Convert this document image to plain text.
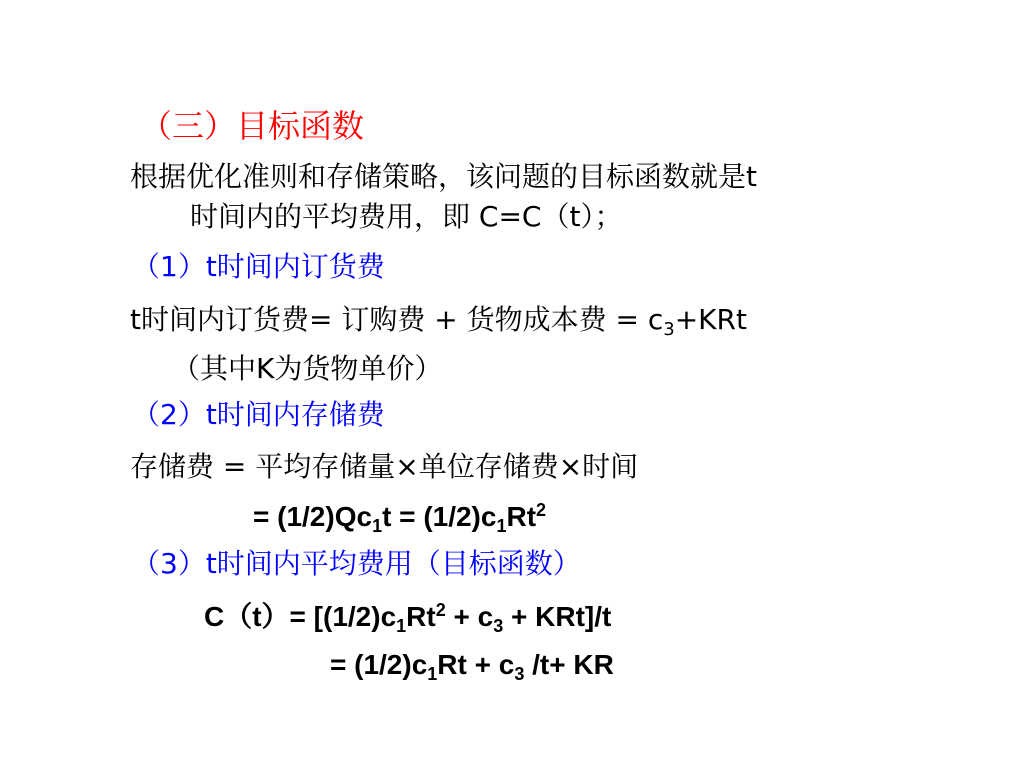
（三）目标函数
根据优化准则和存储策略，该问题的目标函数就是t
时间内的平均费用，即 C=C（t）；
（1）t时间内订货费
t时间内订货费= 订购费 + 货物成本费 = $c_3+KRt$
（其中K为货物单价）
（2）t时间内存储费
存储费 = 平均存储量×单位存储费×时间
= $(1/2)Qc_1t = (1/2)c_1Rt^2$
（3）t时间内平均费用（目标函数）
$C(t)= [(1/2)c_1Rt^2 + c_3 + KRt]/t$
= $(1/2)c_1Rt + c_3$ /t+ KR
